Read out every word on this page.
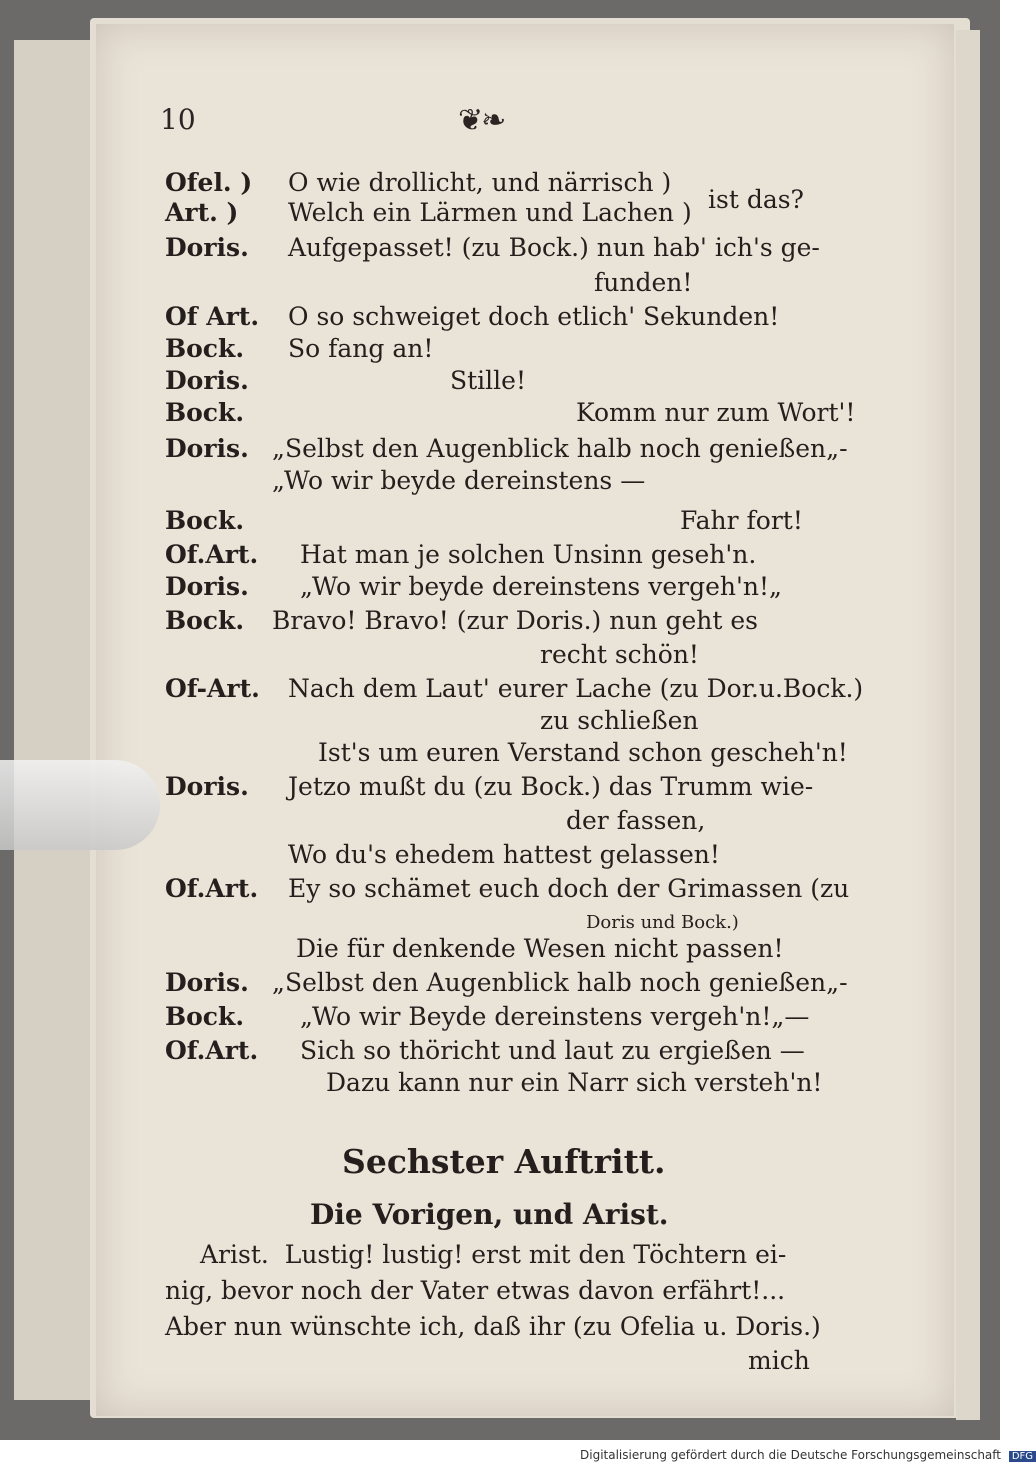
10	❦❧
Ofel. ) O wie drollicht, und närrisch )
Art. ) Welch ein Lärmen und Lachen ) ist das?
Doris. Aufgepasset! (zu Bock.) nun hab' ich's ge-
funden!
Of Art. O so schweiget doch etlich' Sekunden!
Bock. So fang an!
Doris.	Stille!
Bock.	Komm nur zum Wort'!
Doris. „Selbst den Augenblick halb noch genießen„-
„Wo wir beyde dereinstens —
Bock.	Fahr fort!
Of.Art. Hat man je solchen Unsinn geseh'n.
Doris. „Wo wir beyde dereinstens vergeh'n!„
Bock. Bravo! Bravo! (zur Doris.) nun geht es
recht schön!
Of-Art. Nach dem Laut' eurer Lache (zu Dor.u.Bock.)
zu schließen
Ist's um euren Verstand schon gescheh'n!
Doris. Jetzo mußt du (zu Bock.) das Trumm wie-
der fassen,
Wo du's ehedem hattest gelassen!
Of.Art. Ey so schämet euch doch der Grimassen (zu
Doris und Bock.)
Die für denkende Wesen nicht passen!
Doris. „Selbst den Augenblick halb noch genießen„-
Bock. „Wo wir Beyde dereinstens vergeh'n!„—
Of.Art. Sich so thöricht und laut zu ergießen —
Dazu kann nur ein Narr sich versteh'n!
Sechster Auftritt.
Die Vorigen, und Arist.
Arist.  Lustig! lustig! erst mit den Töchtern ei-
nig, bevor noch der Vater etwas davon erfährt!...
Aber nun wünschte ich, daß ihr (zu Ofelia u. Doris.)
mich
Digitalisierung gefördert durch die Deutsche Forschungsgemeinschaft DFG
